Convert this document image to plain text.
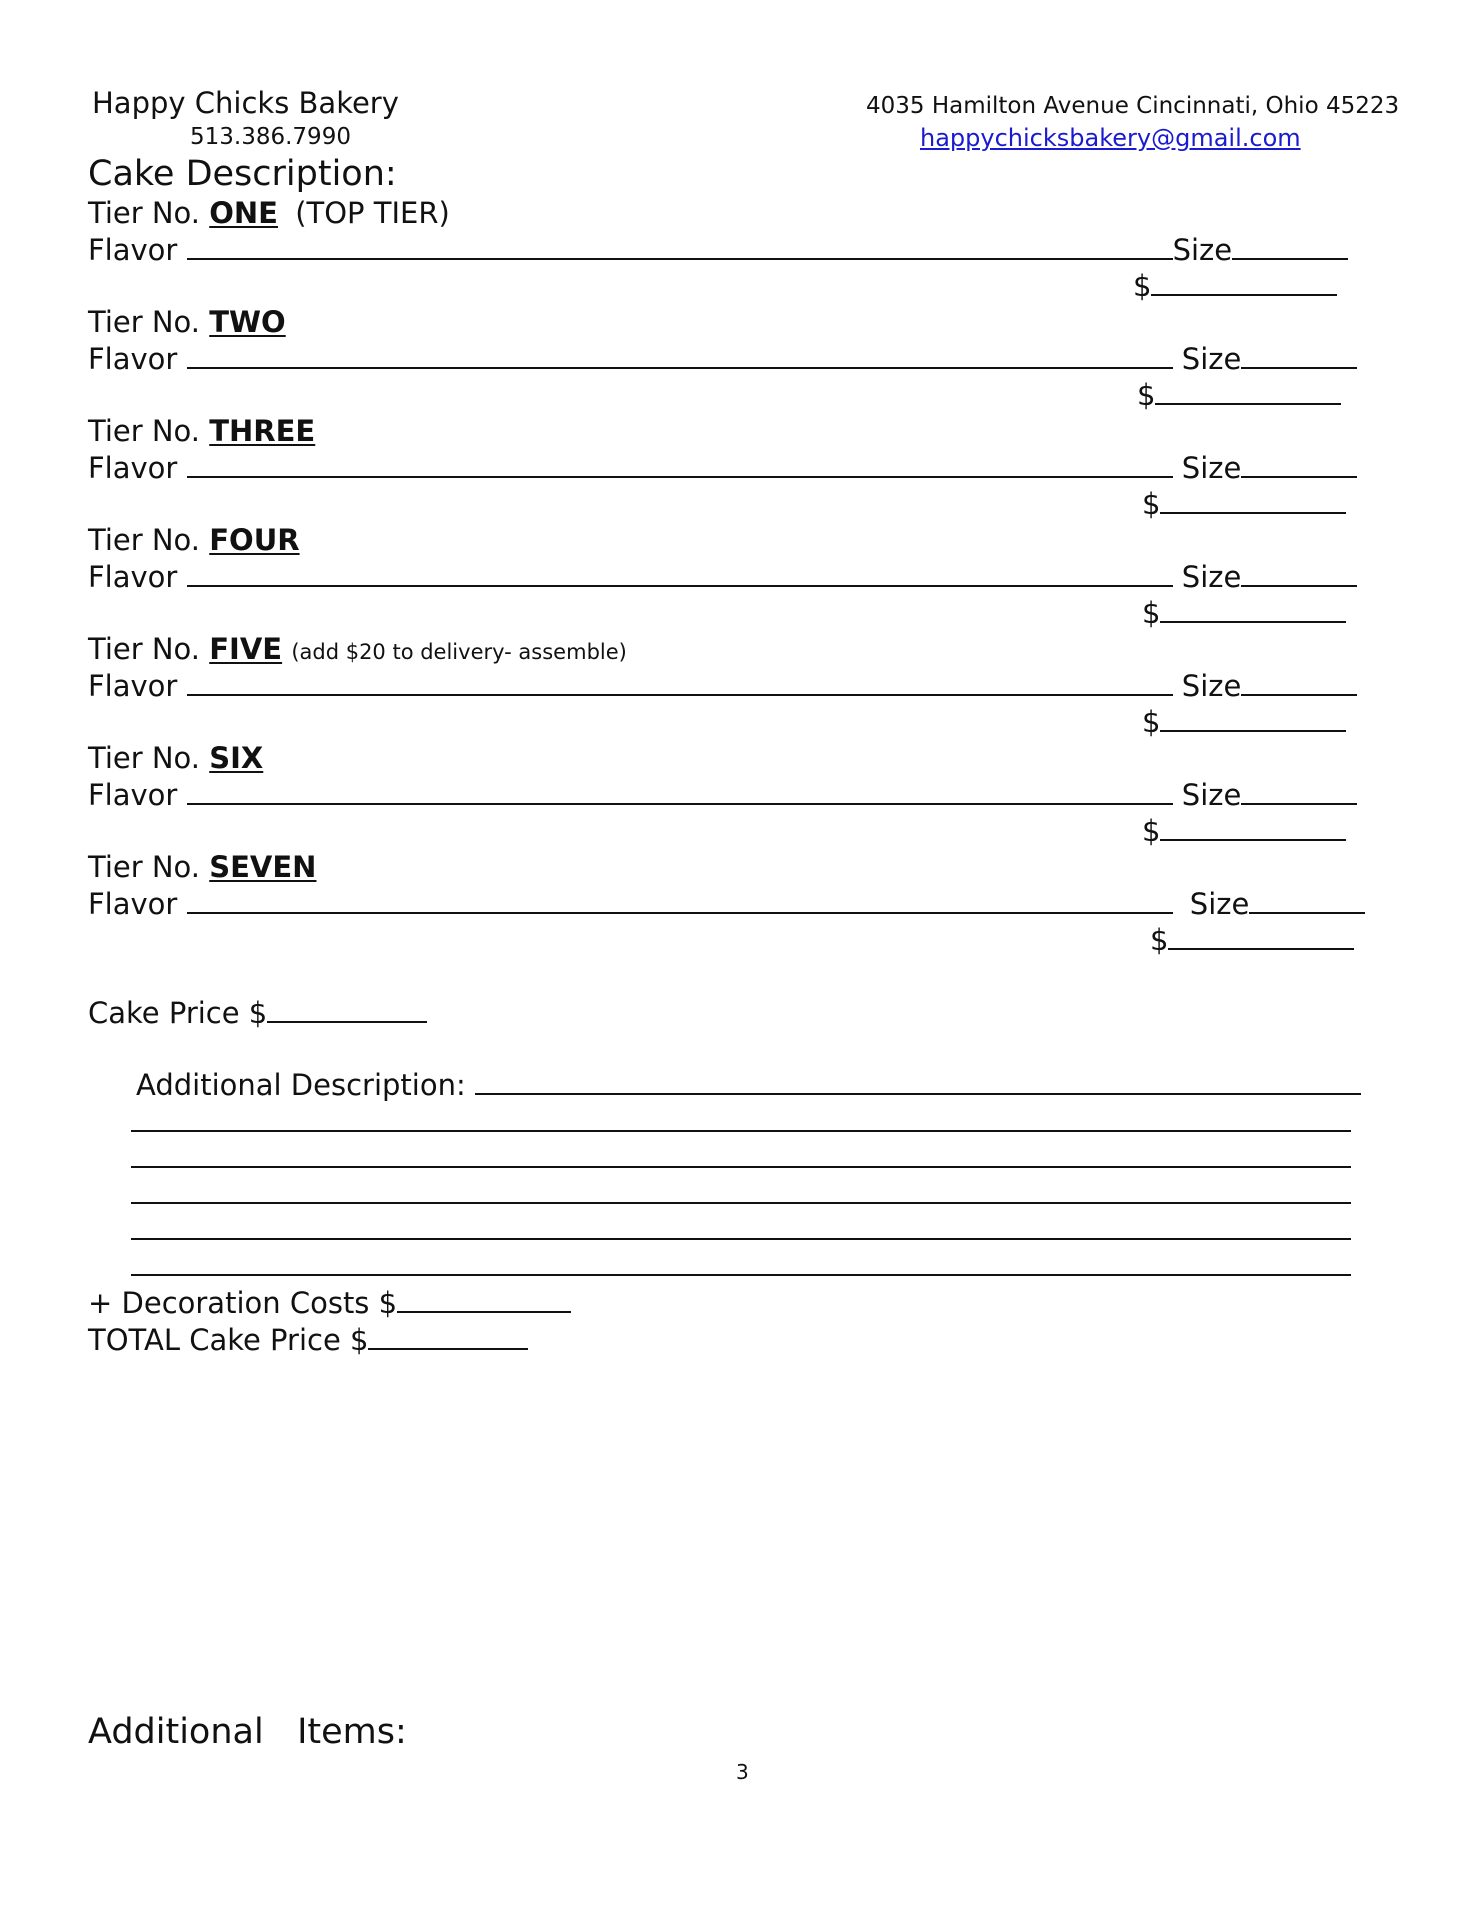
Happy Chicks Bakery
513.386.7990
4035 Hamilton Avenue Cincinnati, Ohio 45223
happychicksbakery@gmail.com
Cake Description:
Tier No. ONE (TOP TIER)
Flavor	Size
$
Tier No. TWO
Flavor	Size
$
Tier No. THREE
Flavor	Size
$
Tier No. FOUR
Flavor	Size
$
Tier No. FIVE (add $20 to delivery- assemble)
Flavor	Size
$
Tier No. SIX
Flavor	Size
$
Tier No. SEVEN
Flavor	Size
$
Cake Price $
Additional Description:
+ Decoration Costs $
TOTAL Cake Price $
Additional   Items:
3
